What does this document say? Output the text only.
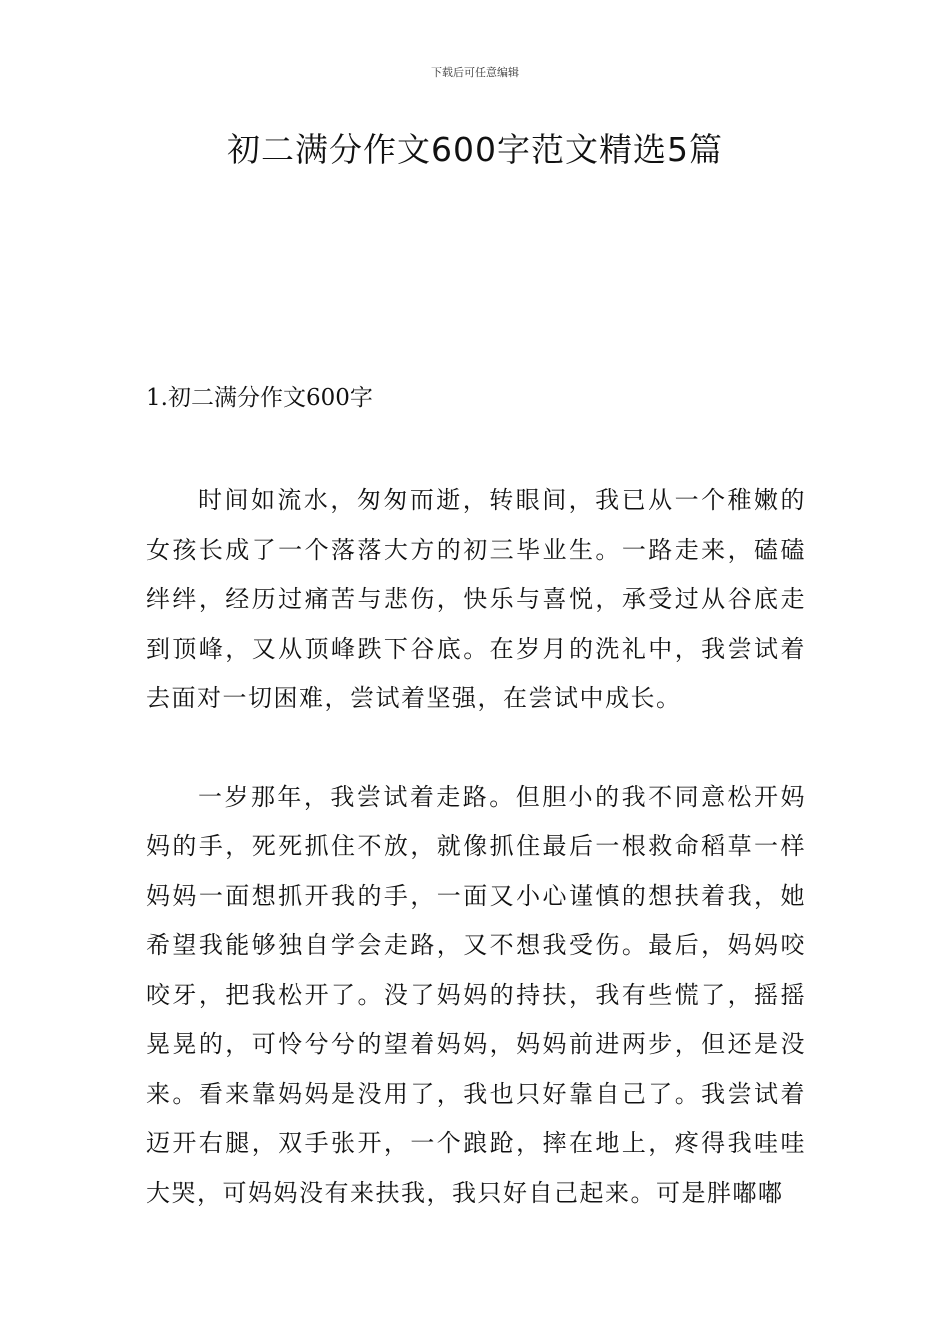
下载后可任意编辑
初二满分作文600字范文精选5篇
1.初二满分作文600字

时间如流水，匆匆而逝，转眼间，我已从一个稚嫩的女孩长成了一个落落大方的初三毕业生。一路走来，磕磕绊绊，经历过痛苦与悲伤，快乐与喜悦，承受过从谷底走到顶峰，又从顶峰跌下谷底。在岁月的洗礼中，我尝试着去面对一切困难，尝试着坚强，在尝试中成长。

一岁那年，我尝试着走路。但胆小的我不同意松开妈妈的手，死死抓住不放，就像抓住最后一根救命稻草一样妈妈一面想抓开我的手，一面又小心谨慎的想扶着我，她希望我能够独自学会走路，又不想我受伤。最后，妈妈咬咬牙，把我松开了。没了妈妈的持扶，我有些慌了，摇摇晃晃的，可怜兮兮的望着妈妈，妈妈前进两步，但还是没来。看来靠妈妈是没用了，我也只好靠自己了。我尝试着迈开右腿，双手张开，一个踉跄，摔在地上，疼得我哇哇大哭，可妈妈没有来扶我，我只好自己起来。可是胖嘟嘟
